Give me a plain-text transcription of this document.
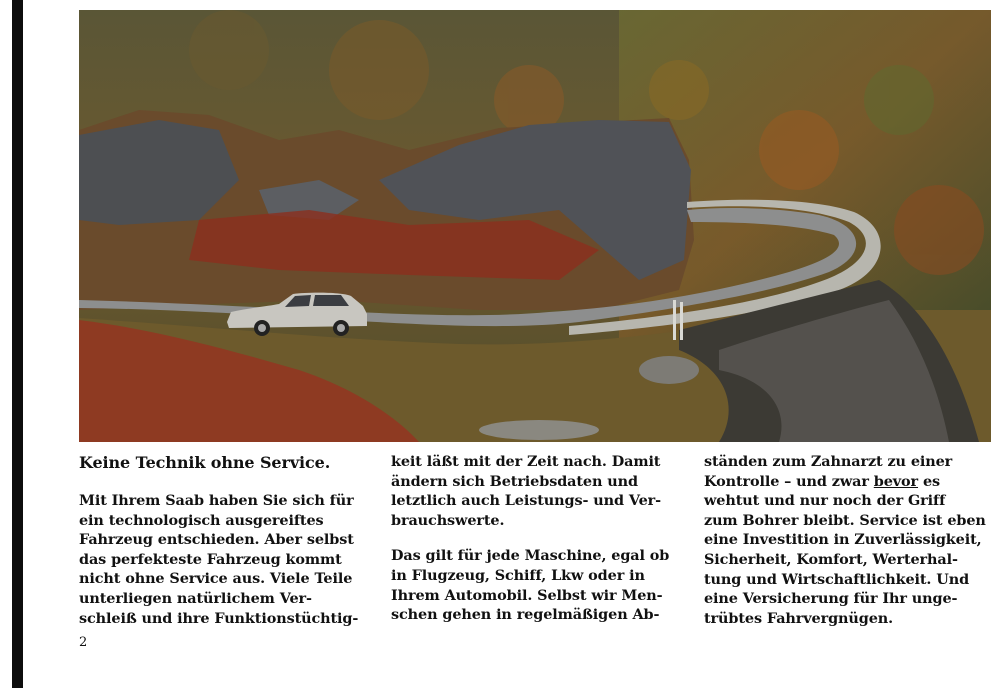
Keine Technik ohne Service.

Mit Ihrem Saab haben Sie sich für
ein technologisch ausgereiftes
Fahrzeug entschieden. Aber selbst
das perfekteste Fahrzeug kommt
nicht ohne Service aus. Viele Teile
unterliegen natürlichem Ver-
schleiß und ihre Funktionstüchtig-

keit läßt mit der Zeit nach. Damit
ändern sich Betriebsdaten und
letztlich auch Leistungs- und Ver-
brauchswerte.

Das gilt für jede Maschine, egal ob
in Flugzeug, Schiff, Lkw oder in
Ihrem Automobil. Selbst wir Men-
schen gehen in regelmäßigen Ab-

ständen zum Zahnarzt zu einer
Kontrolle – und zwar bevor es
wehtut und nur noch der Griff
zum Bohrer bleibt. Service ist eben
eine Investition in Zuverlässigkeit,
Sicherheit, Komfort, Werterhal-
tung und Wirtschaftlichkeit. Und
eine Versicherung für Ihr unge-
trübtes Fahrvergnügen.

2
